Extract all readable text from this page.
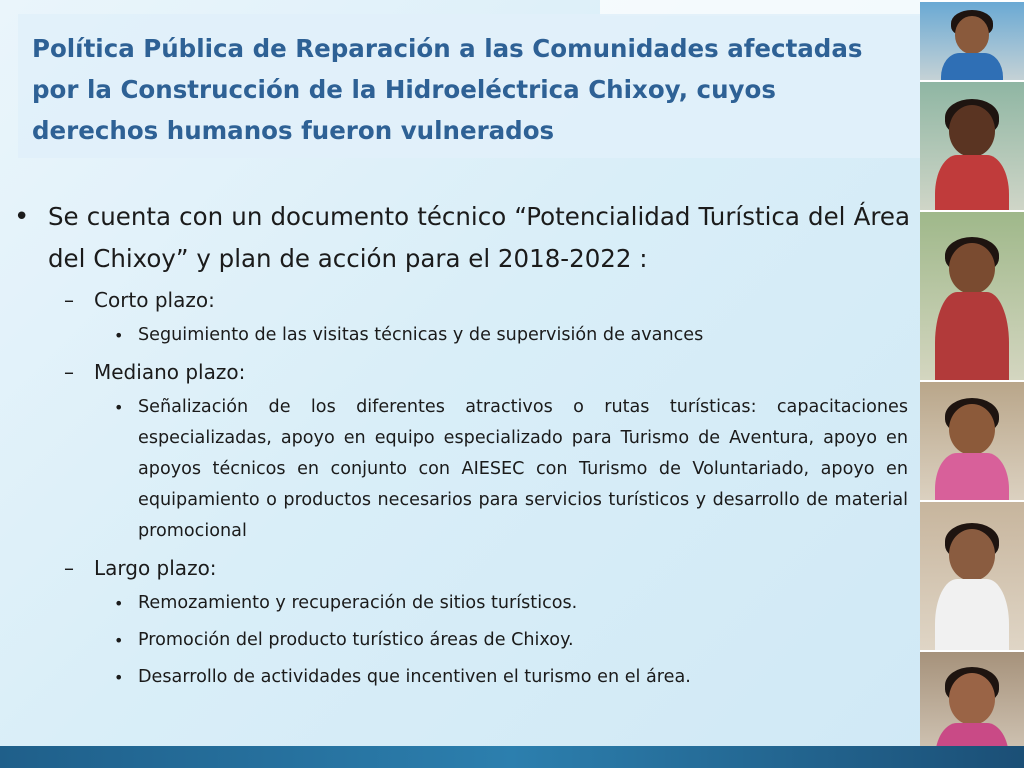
Política Pública de Reparación a las Comunidades afectadas
por la Construcción de la Hidroeléctrica Chixoy, cuyos
derechos humanos fueron vulnerados
• Se cuenta con un documento técnico “Potencialidad Turística del Área del Chixoy” y plan de acción para el 2018-2022 :
– Corto plazo:
• Seguimiento de las visitas técnicas y de supervisión de avances
– Mediano plazo:
• Señalización de los diferentes atractivos o rutas turísticas: capacitaciones especializadas, apoyo en equipo especializado para Turismo de Aventura, apoyo en apoyos técnicos en conjunto con AIESEC con Turismo de Voluntariado, apoyo en equipamiento o productos necesarios para servicios turísticos y desarrollo de material promocional
– Largo plazo:
• Remozamiento y recuperación de sitios turísticos.
• Promoción del producto turístico áreas de Chixoy.
• Desarrollo de actividades que incentiven el turismo en el área.
